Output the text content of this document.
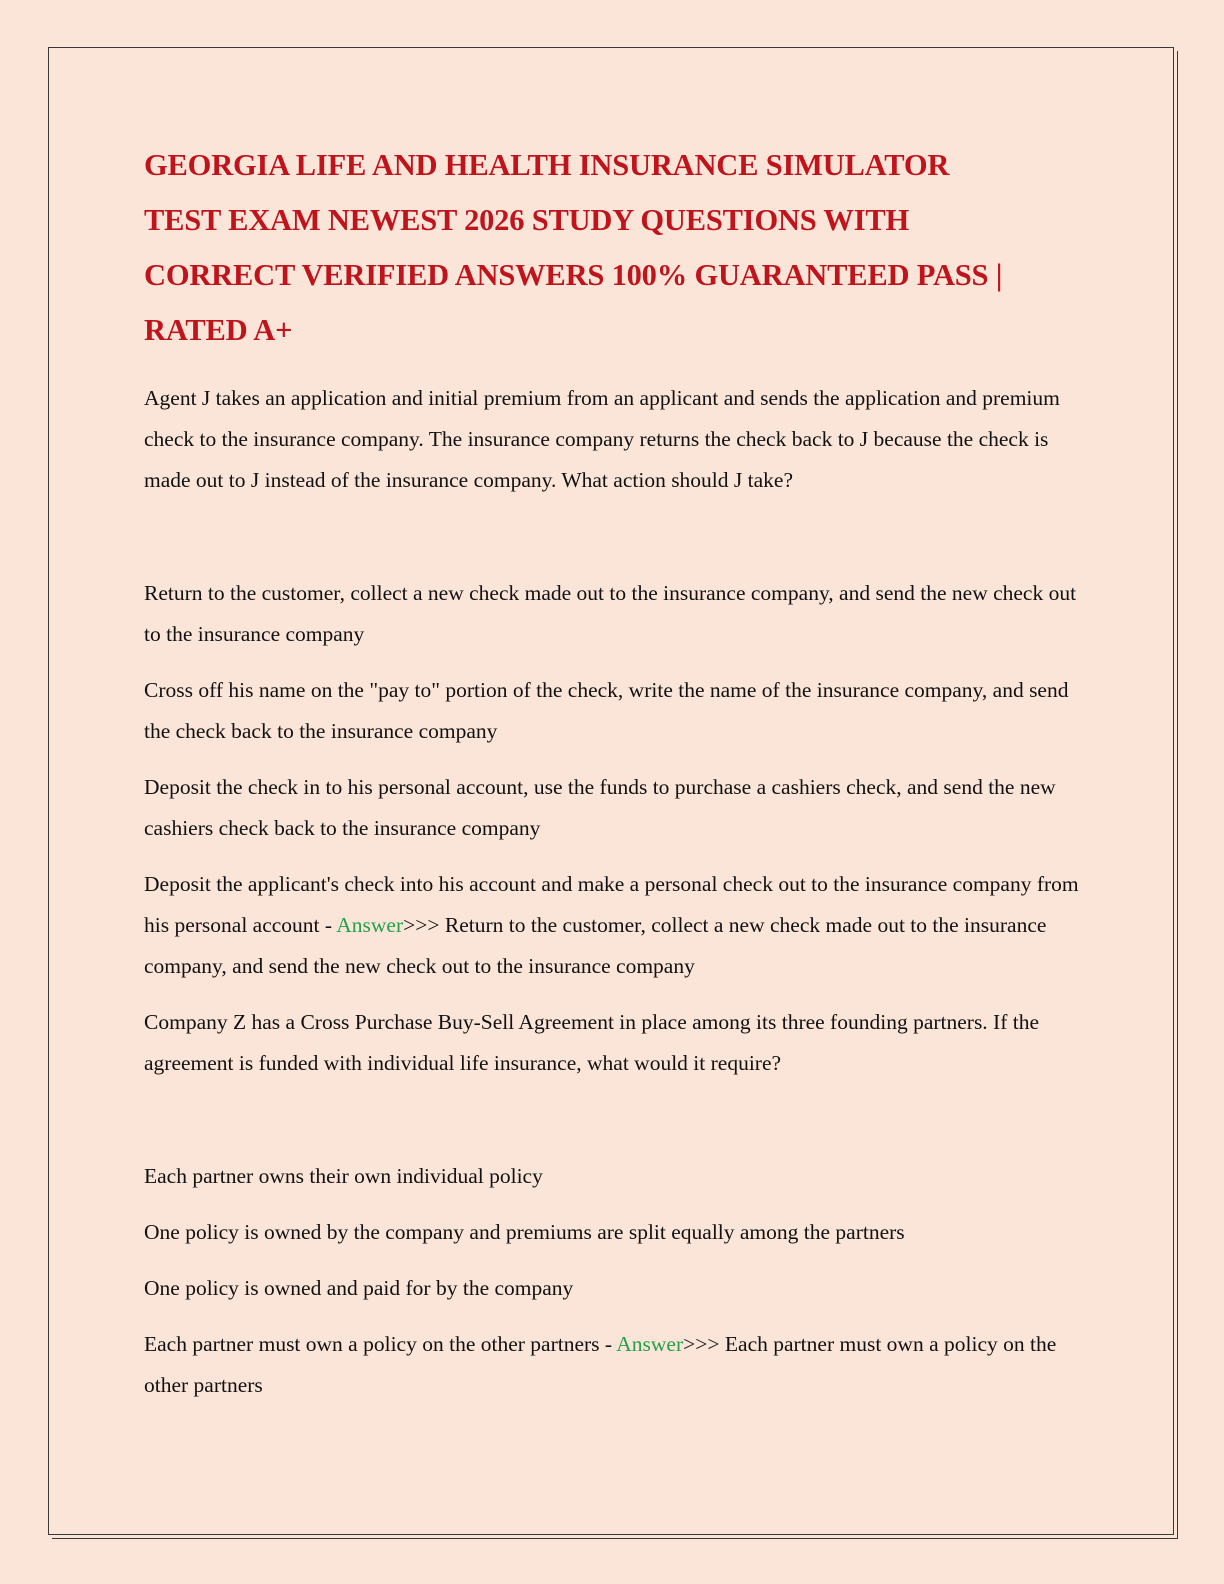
GEORGIA LIFE AND HEALTH INSURANCE SIMULATOR
TEST EXAM NEWEST 2026 STUDY QUESTIONS WITH
CORRECT VERIFIED ANSWERS 100% GUARANTEED PASS |
RATED A+

Agent J takes an application and initial premium from an applicant and sends the application and premium check to the insurance company. The insurance company returns the check back to J because the check is made out to J instead of the insurance company. What action should J take?

Return to the customer, collect a new check made out to the insurance company, and send the new check out to the insurance company

Cross off his name on the "pay to" portion of the check, write the name of the insurance company, and send the check back to the insurance company

Deposit the check in to his personal account, use the funds to purchase a cashiers check, and send the new cashiers check back to the insurance company

Deposit the applicant's check into his account and make a personal check out to the insurance company from his personal account - Answer>>> Return to the customer, collect a new check made out to the insurance company, and send the new check out to the insurance company

Company Z has a Cross Purchase Buy-Sell Agreement in place among its three founding partners. If the agreement is funded with individual life insurance, what would it require?

Each partner owns their own individual policy

One policy is owned by the company and premiums are split equally among the partners

One policy is owned and paid for by the company

Each partner must own a policy on the other partners - Answer>>> Each partner must own a policy on the other partners
